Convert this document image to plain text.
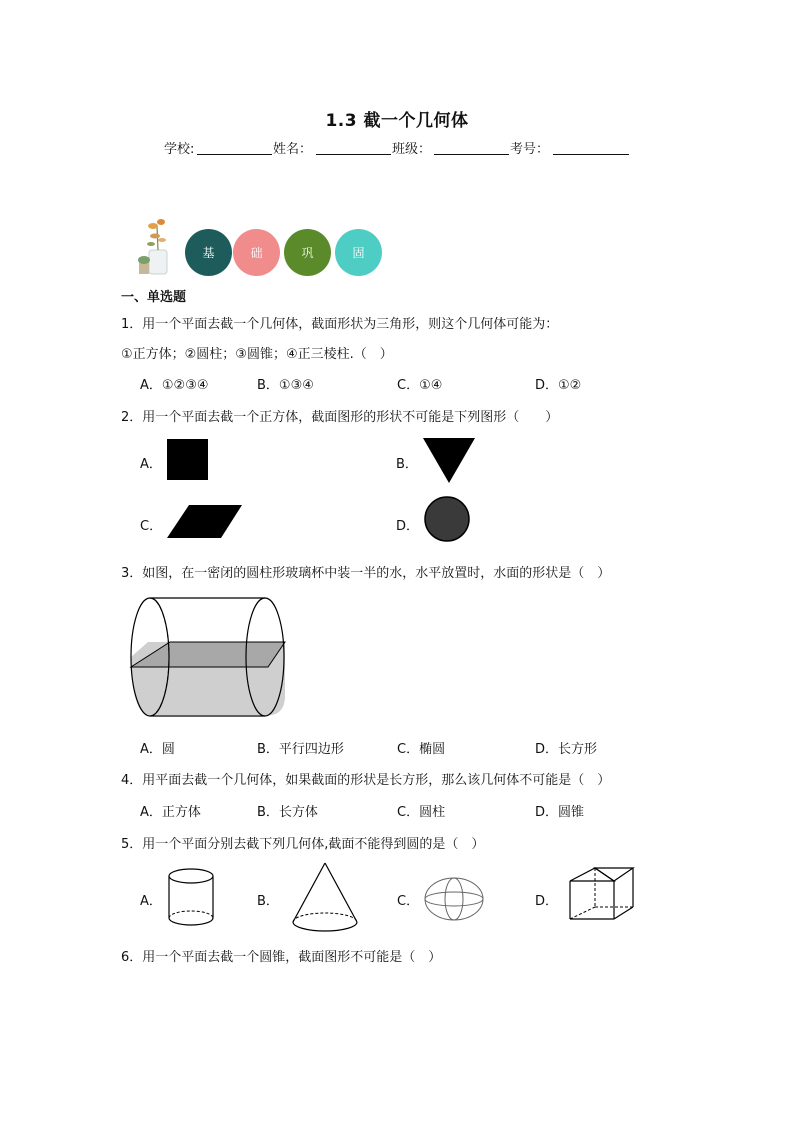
1.3 截一个几何体
学校:	姓名：	班级：	考号：
基	础	巩	固
一、单选题
1．用一个平面去截一个几何体，截面形状为三角形，则这个几何体可能为：
①正方体；②圆柱；③圆锥；④正三棱柱.（　）
A．①②③④	B．①③④	C．①④	D．①②
2．用一个平面去截一个正方体，截面图形的形状不可能是下列图形（　　）
A．	B．
C．	D．
3．如图，在一密闭的圆柱形玻璃杯中装一半的水，水平放置时，水面的形状是（　）
A．圆	B．平行四边形	C．椭圆	D．长方形
4．用平面去截一个几何体，如果截面的形状是长方形，那么该几何体不可能是（　）
A．正方体	B．长方体	C．圆柱	D．圆锥
5．用一个平面分别去截下列几何体,截面不能得到圆的是（　）
A．	B．	C．	D．
6．用一个平面去截一个圆锥，截面图形不可能是（　）
